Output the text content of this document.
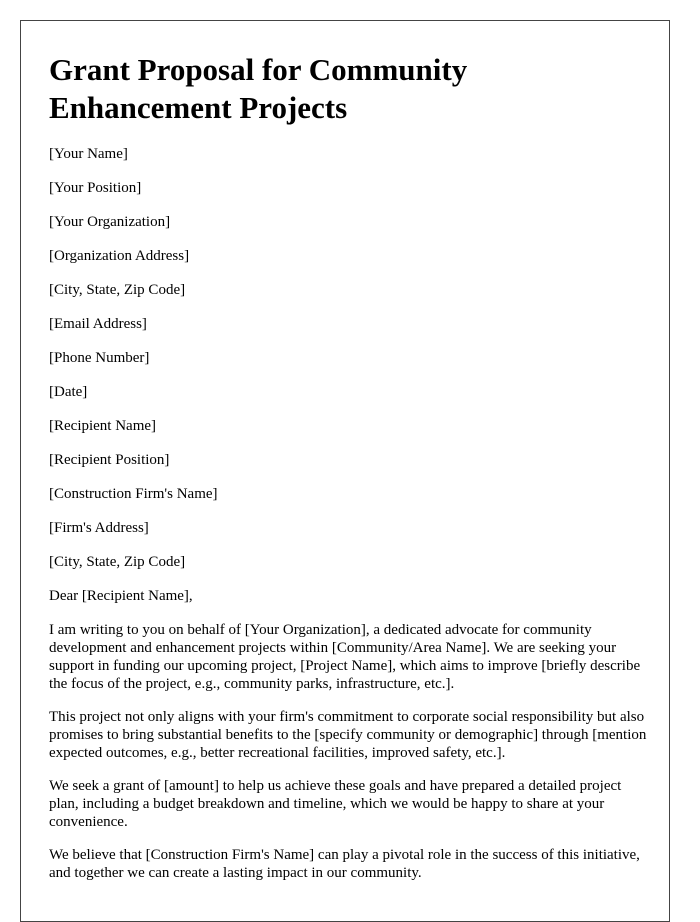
Grant Proposal for Community Enhancement Projects

[Your Name]

[Your Position]

[Your Organization]

[Organization Address]

[City, State, Zip Code]

[Email Address]

[Phone Number]

[Date]

[Recipient Name]

[Recipient Position]

[Construction Firm's Name]

[Firm's Address]

[City, State, Zip Code]

Dear [Recipient Name],

I am writing to you on behalf of [Your Organization], a dedicated advocate for community development and enhancement projects within [Community/Area Name]. We are seeking your support in funding our upcoming project, [Project Name], which aims to improve [briefly describe the focus of the project, e.g., community parks, infrastructure, etc.].

This project not only aligns with your firm's commitment to corporate social responsibility but also promises to bring substantial benefits to the [specify community or demographic] through [mention expected outcomes, e.g., better recreational facilities, improved safety, etc.].

We seek a grant of [amount] to help us achieve these goals and have prepared a detailed project plan, including a budget breakdown and timeline, which we would be happy to share at your convenience.

We believe that [Construction Firm's Name] can play a pivotal role in the success of this initiative, and together we can create a lasting impact in our community.
